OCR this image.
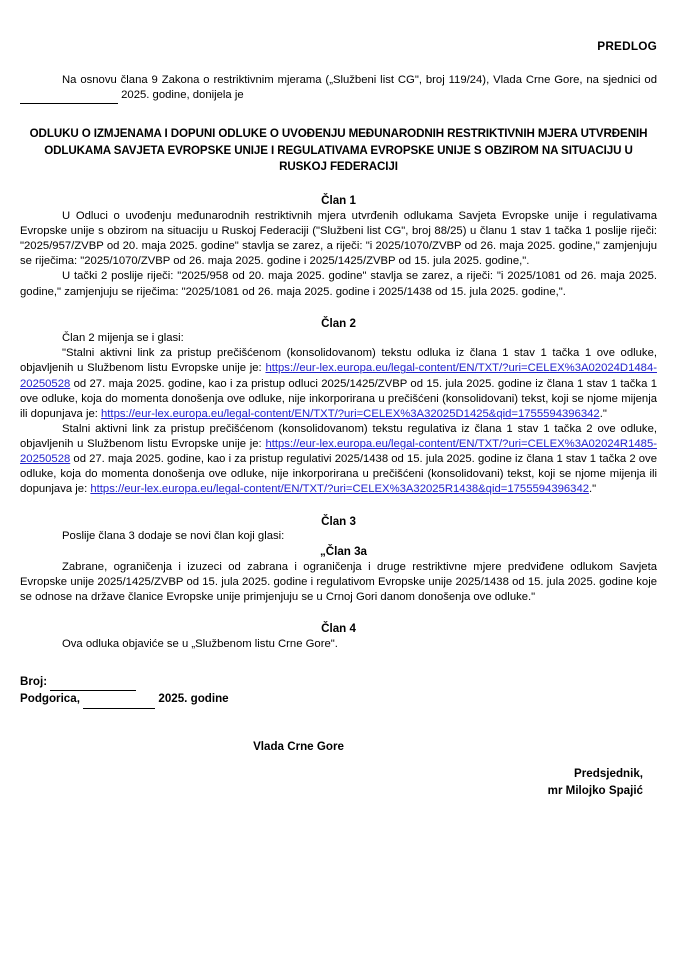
PREDLOG

Na osnovu člana 9 Zakona o restriktivnim mjerama („Službeni list CG", broj 119/24), Vlada Crne Gore, na sjednici od  2025. godine, donijela je

ODLUKU O IZMJENAMA I DOPUNI ODLUKE O UVOĐENJU MEĐUNARODNIH RESTRIKTIVNIH MJERA UTVRĐENIH ODLUKAMA SAVJETA EVROPSKE UNIJE I REGULATIVAMA EVROPSKE UNIJE S OBZIROM NA SITUACIJU U RUSKOJ FEDERACIJI
Član 1

U Odluci o uvođenju međunarodnih restriktivnih mjera utvrđenih odlukama Savjeta Evropske unije i regulativama Evropske unije s obzirom na situaciju u Ruskoj Federaciji ("Službeni list CG", broj 88/25) u članu 1 stav 1 tačka 1 poslije riječi: "2025/957/ZVBP od 20. maja 2025. godine" stavlja se zarez, a riječi: "i 2025/1070/ZVBP od 26. maja 2025. godine," zamjenjuju se riječima: "2025/1070/ZVBP od 26. maja 2025. godine i 2025/1425/ZVBP od 15. jula 2025. godine,".

U tački 2 poslije riječi: "2025/958 od 20. maja 2025. godine" stavlja se zarez, a riječi: "i 2025/1081 od 26. maja 2025. godine," zamjenjuju se riječima: "2025/1081 od 26. maja 2025. godine i 2025/1438 od 15. jula 2025. godine,".

Član 2

Član 2 mijenja se i glasi:

"Stalni aktivni link za pristup prečišćenom (konsolidovanom) tekstu odluka iz člana 1 stav 1 tačka 1 ove odluke, objavljenih u Službenom listu Evropske unije je: https://eur-lex.europa.eu/legal-content/EN/TXT/?uri=CELEX%3A02024D1484-20250528 od 27. maja 2025. godine, kao i za pristup odluci 2025/1425/ZVBP od 15. jula 2025. godine iz člana 1 stav 1 tačka 1 ove odluke, koja do momenta donošenja ove odluke, nije inkorporirana u prečišćeni (konsolidovani) tekst, koji se njome mijenja ili dopunjava je: https://eur-lex.europa.eu/legal-content/EN/TXT/?uri=CELEX%3A32025D1425&qid=1755594396342."

Stalni aktivni link za pristup prečišćenom (konsolidovanom) tekstu regulativa iz člana 1 stav 1 tačka 2 ove odluke, objavljenih u Službenom listu Evropske unije je: https://eur-lex.europa.eu/legal-content/EN/TXT/?uri=CELEX%3A02024R1485-20250528 od 27. maja 2025. godine, kao i za pristup regulativi 2025/1438 od 15. jula 2025. godine iz člana 1 stav 1 tačka 2 ove odluke, koja do momenta donošenja ove odluke, nije inkorporirana u prečišćeni (konsolidovani) tekst, koji se njome mijenja ili dopunjava je: https://eur-lex.europa.eu/legal-content/EN/TXT/?uri=CELEX%3A32025R1438&qid=1755594396342."

Član 3

Poslije člana 3 dodaje se novi član koji glasi:

„Član 3a

Zabrane, ograničenja i izuzeci od zabrana i ograničenja i druge restriktivne mjere predviđene odlukom Savjeta Evropske unije 2025/1425/ZVBP od 15. jula 2025. godine i regulativom Evropske unije 2025/1438 od 15. jula 2025. godine koje se odnose na države članice Evropske unije primjenjuju se u Crnoj Gori danom donošenja ove odluke."

Član 4

Ova odluka objaviće se u „Službenom listu Crne Gore".

Broj:
Podgorica,	2025. godine
Vlada Crne Gore
Predsjednik,
mr Milojko Spajić
